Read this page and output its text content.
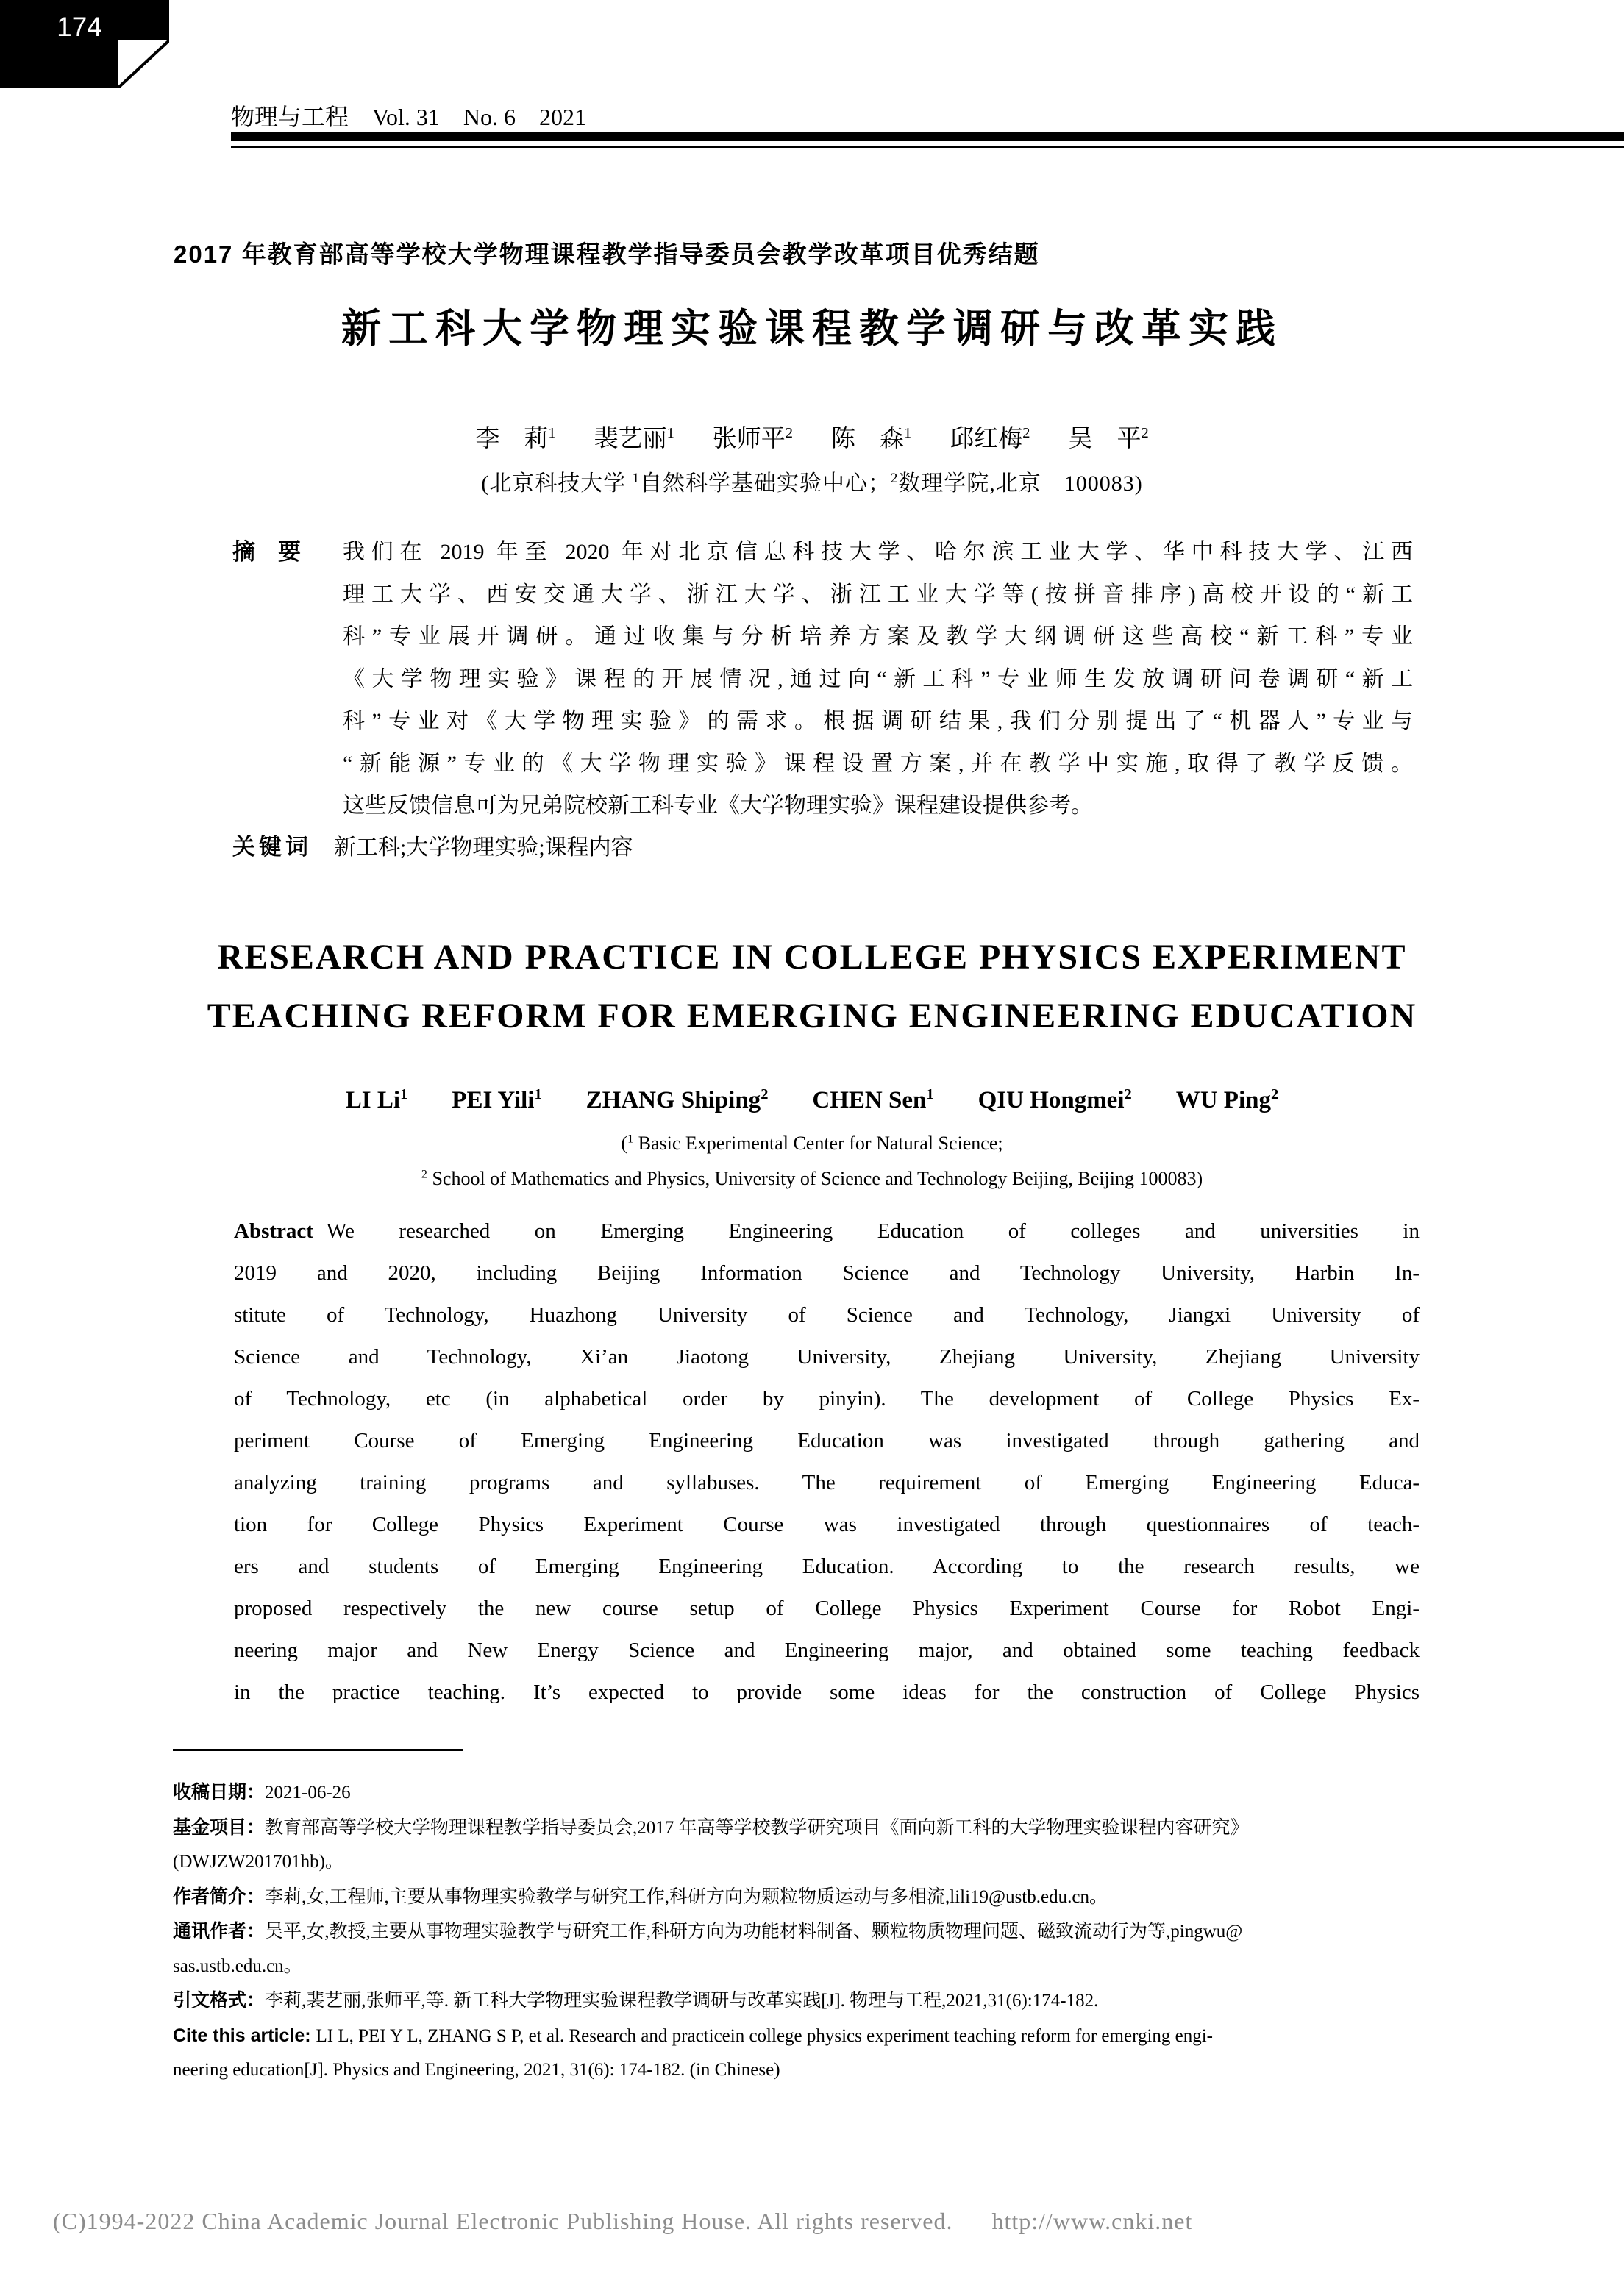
174
物理与工程　Vol. 31　No. 6　2021
2017 年教育部高等学校大学物理课程教学指导委员会教学改革项目优秀结题
新工科大学物理实验课程教学调研与改革实践
李　莉$^1$ 裴艺丽$^1$ 张师平$^2$ 陈　森$^1$ 邱红梅$^2$ 吴　平$^2$
(北京科技大学 $^1$自然科学基础实验中心；$^2$数理学院,北京　100083)
摘　要 我们在 2019 年至 2020 年对北京信息科技大学、哈尔滨工业大学、华中科技大学、江西
理工大学、西安交通大学、浙江大学、浙江工业大学等(按拼音排序)高校开设的“新工
科”专业展开调研。通过收集与分析培养方案及教学大纲调研这些高校“新工科”专业
《大学物理实验》课程的开展情况,通过向“新工科”专业师生发放调研问卷调研“新工
科”专业对《大学物理实验》的需求。根据调研结果,我们分别提出了“机器人”专业与
“新能源”专业的《大学物理实验》课程设置方案,并在教学中实施,取得了教学反馈。
这些反馈信息可为兄弟院校新工科专业《大学物理实验》课程建设提供参考。
关键词 新工科;大学物理实验;课程内容
RESEARCH AND PRACTICE IN COLLEGE PHYSICS EXPERIMENT
TEACHING REFORM FOR EMERGING ENGINEERING EDUCATION
LI Li$^1$ PEI Yili$^1$ ZHANG Shiping$^2$ CHEN Sen$^1$ QIU Hongmei$^2$ WU Ping$^2$
($^1$ Basic Experimental Center for Natural Science;
$^2$ School of Mathematics and Physics, University of Science and Technology Beijing, Beijing 100083)
Abstract We researched on Emerging Engineering Education of colleges and universities in
2019 and 2020, including Beijing Information Science and Technology University, Harbin In-
stitute of Technology, Huazhong University of Science and Technology, Jiangxi University of
Science and Technology, Xi’an Jiaotong University, Zhejiang University, Zhejiang University
of Technology, etc (in alphabetical order by pinyin). The development of College Physics Ex-
periment Course of Emerging Engineering Education was investigated through gathering and
analyzing training programs and syllabuses. The requirement of Emerging Engineering Educa-
tion for College Physics Experiment Course was investigated through questionnaires of teach-
ers and students of Emerging Engineering Education. According to the research results, we
proposed respectively the new course setup of College Physics Experiment Course for Robot Engi-
neering major and New Energy Science and Engineering major, and obtained some teaching feedback
in the practice teaching. It’s expected to provide some ideas for the construction of College Physics
收稿日期：2021-06-26
基金项目：教育部高等学校大学物理课程教学指导委员会,2017 年高等学校教学研究项目《面向新工科的大学物理实验课程内容研究》
(DWJZW201701hb)。
作者简介：李莉,女,工程师,主要从事物理实验教学与研究工作,科研方向为颗粒物质运动与多相流,lili19@ustb.edu.cn。
通讯作者：吴平,女,教授,主要从事物理实验教学与研究工作,科研方向为功能材料制备、颗粒物质物理问题、磁致流动行为等,pingwu@
sas.ustb.edu.cn。
引文格式：李莉,裴艺丽,张师平,等. 新工科大学物理实验课程教学调研与改革实践[J]. 物理与工程,2021,31(6):174-182.
Cite this article: LI L, PEI Y L, ZHANG S P, et al. Research and practicein college physics experiment teaching reform for emerging engi-
neering education[J]. Physics and Engineering, 2021, 31(6): 174-182. (in Chinese)
(C)1994-2022 China Academic Journal Electronic Publishing House. All rights reserved. http://www.cnki.net
